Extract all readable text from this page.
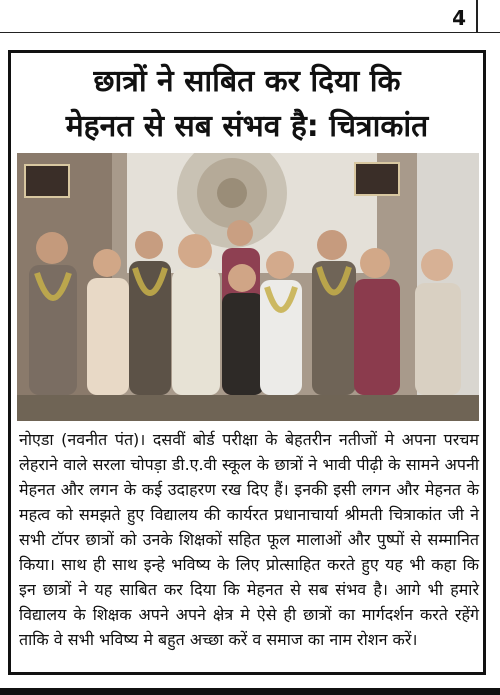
4
छात्रों ने साबित कर दिया कि
मेहनत से सब संभव है: चित्राकांत

नोएडा (नवनीत पंत)। दसवीं बोर्ड परीक्षा के बेहतरीन नतीजों मे अपना परचम लेहराने वाले सरला चोपड़ा डी.ए.वी स्कूल के छात्रों ने भावी पीढ़ी के सामने अपनी मेहनत और लगन के कई उदाहरण रख दिए हैं। इनकी इसी लगन और मेहनत के महत्व को समझते हुए विद्यालय की कार्यरत प्रधानाचार्या श्रीमती चित्राकांत जी ने सभी टॉपर छात्रों को उनके शिक्षकों सहित फूल मालाओं और पुष्पों से सम्मानित किया। साथ ही साथ इन्हे भविष्य के लिए प्रोत्साहित करते हुए यह भी कहा कि इन छात्रों ने यह साबित कर दिया कि मेहनत से सब संभव है। आगे भी हमारे विद्यालय के शिक्षक अपने अपने क्षेत्र मे ऐसे ही छात्रों का मार्गदर्शन करते रहेंगे ताकि वे सभी भविष्य मे बहुत अच्छा करें व समाज का नाम रोशन करें।
